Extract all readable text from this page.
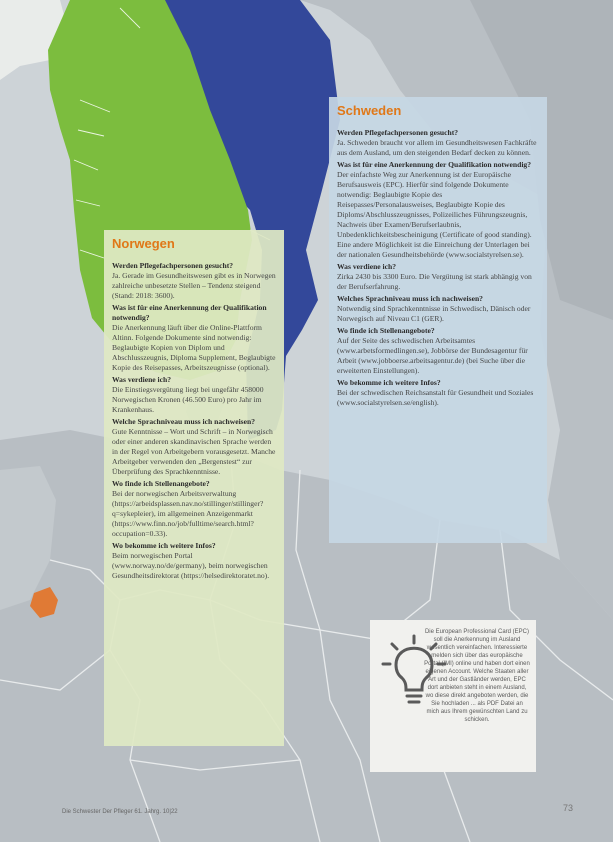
Norwegen

Werden Pflegefachpersonen gesucht?

Ja. Gerade im Gesundheitswesen gibt es in Norwegen zahlreiche unbesetzte Stellen – Tendenz steigend (Stand: 2018: 3600).

Was ist für eine Anerkennung der Qualifikation notwendig?

Die Anerkennung läuft über die Online-Plattform Altinn. Folgende Dokumente sind notwendig: Beglaubigte Kopien von Diplom und Abschlusszeugnis, Diploma Supplement, Beglaubigte Kopie des Reisepasses, Arbeitszeugnisse (optional).

Was verdiene ich?

Die Einstiegsvergütung liegt bei ungefähr 458000 Norwegischen Kronen (46.500 Euro) pro Jahr im Krankenhaus.

Welche Sprachniveau muss ich nachweisen?

Gute Kenntnisse – Wort und Schrift – in Norwegisch oder einer anderen skandinavischen Sprache werden in der Regel von Arbeitgebern vorausgesetzt. Manche Arbeitgeber verwenden den „Bergenstest“ zur Überprüfung des Sprachkenntnisse.

Wo finde ich Stellenangebote?

Bei der norwegischen Arbeitsverwaltung (https://arbeidsplassen.nav.no/stillinger/stillinger?q=sykepleier), im allgemeinen Anzeigenmarkt (https://www.finn.no/job/fulltime/search.html?occupation=0.33).

Wo bekomme ich weitere Infos?

Beim norwegischen Portal (www.norway.no/de/germany), beim norwegischen Gesundheitsdirektorat (https://helsedirektoratet.no).

Schweden

Werden Pflegefachpersonen gesucht?

Ja. Schweden braucht vor allem im Gesundheitswesen Fachkräfte aus dem Ausland, um den steigenden Bedarf decken zu können.

Was ist für eine Anerkennung der Qualifikation notwendig?

Der einfachste Weg zur Anerkennung ist der Europäische Berufsausweis (EPC). Hierfür sind folgende Dokumente notwendig: Beglaubigte Kopie des Reisepasses/Personalausweises, Beglaubigte Kopie des Diploms/Abschlusszeugnisses, Polizeiliches Führungszeugnis, Nachweis über Examen/Berufserlaubnis, Unbedenklichkeitsbescheinigung (Certificate of good standing). Eine andere Möglichkeit ist die Einreichung der Unterlagen bei der nationalen Gesundheitsbehörde (www.socialstyrelsen.se).

Was verdiene ich?

Zirka 2430 bis 3300 Euro. Die Vergütung ist stark abhängig von der Berufserfahrung.

Welches Sprachniveau muss ich nachweisen?

Notwendig sind Sprachkenntnisse in Schwedisch, Dänisch oder Norwegisch auf Niveau C1 (GER).

Wo finde ich Stellenangebote?

Auf der Seite des schwedischen Arbeitsamtes (www.arbetsformedlingen.se), Jobbörse der Bundesagentur für Arbeit (www.jobboerse.arbeitsagentur.de) (bei Suche über die erweiterten Einstellungen).

Wo bekomme ich weitere Infos?

Bei der schwedischen Reichsanstalt für Gesundheit und Soziales (www.socialstyrelsen.se/english).

Die European Professional Card (EPC) soll die Anerkennung im Ausland wesentlich vereinfachen. Interessierte melden sich über das europäische Portal (IMI) online und haben dort einen eigenen Account. Welche Staaten aller Art und der Gastländer werden, EPC dort anbieten steht in einem Ausland, wo diese direkt angeboten werden, die Sie hochladen ... als PDF Datei an mich aus Ihrem gewünschten Land zu schicken.
Die Schwester Der Pfleger 61. Jahrg. 10|22	73
